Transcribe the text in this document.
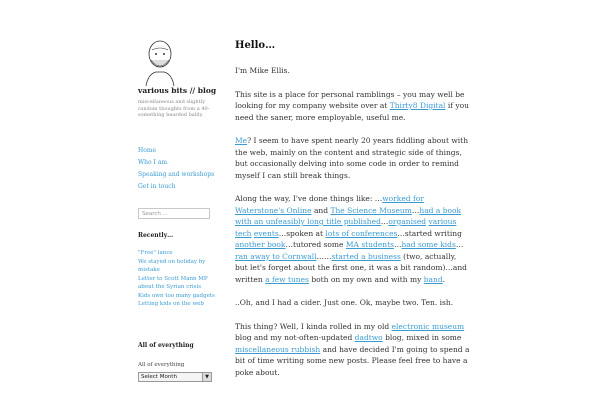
various bits // blog
miscellaneous and slightly random thoughts from a 40-something bearded baldy.
Home
Who I am
Speaking and workshops
Get in touch
Search ...
Recently…
"Free" lance
We stayed on holiday by mistake
Letter to Scott Mann MP about the Syrian crisis
Kids own too many gadgets
Letting kids on the web
All of everything
All of everything
Select Month	▼
Hello…
I'm Mike Ellis.
This site is a place for personal ramblings – you may well be looking for my company website over at Thirty8 Digital if you need the saner, more employable, useful me.
Me? I seem to have spent nearly 20 years fiddling about with the web, mainly on the content and strategic side of things, but occasionally delving into some code in order to remind myself I can still break things.
Along the way, I've done things like: …worked for Waterstone's Online and The Science Museum…had a book with an unfeasibly long title published…organised various tech events…spoken at lots of conferences…started writing another book…tutored some MA students…had some kids…ran away to Cornwall……started a business (two, actually, but let's forget about the first one, it was a bit random)…and written a few tunes both on my own and with my band.
..Oh, and I had a cider. Just one. Ok, maybe two. Ten. ish.
This thing? Well, I kinda rolled in my old electronic museum blog and my not-often-updated dadtwo blog, mixed in some miscellaneous rubbish and have decided I'm going to spend a bit of time writing some new posts. Please feel free to have a poke about.
